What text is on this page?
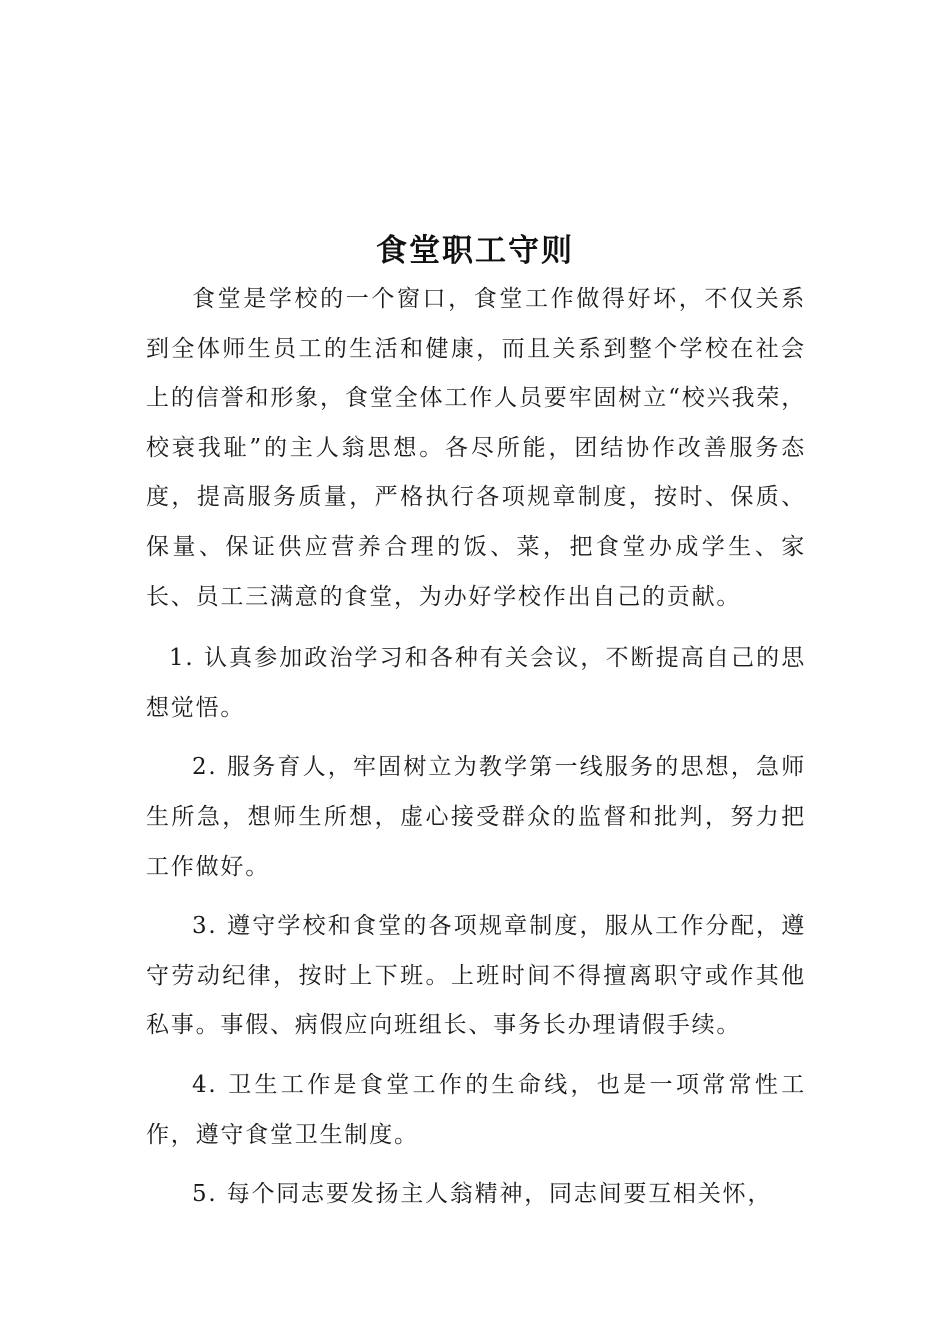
食堂职工守则

食堂是学校的一个窗口，食堂工作做得好坏，不仅关系到全体师生员工的生活和健康，而且关系到整个学校在社会上的信誉和形象，食堂全体工作人员要牢固树立“校兴我荣，校衰我耻”的主人翁思想。各尽所能，团结协作改善服务态度，提高服务质量，严格执行各项规章制度，按时、保质、保量、保证供应营养合理的饭、菜，把食堂办成学生、家长、员工三满意的食堂，为办好学校作出自己的贡献。

1. 认真参加政治学习和各种有关会议，不断提高自己的思想觉悟。

2. 服务育人，牢固树立为教学第一线服务的思想，急师生所急，想师生所想，虚心接受群众的监督和批判，努力把工作做好。

3. 遵守学校和食堂的各项规章制度，服从工作分配，遵守劳动纪律，按时上下班。上班时间不得擅离职守或作其他私事。事假、病假应向班组长、事务长办理请假手续。

4. 卫生工作是食堂工作的生命线，也是一项常常性工作，遵守食堂卫生制度。

5. 每个同志要发扬主人翁精神，同志间要互相关怀，
